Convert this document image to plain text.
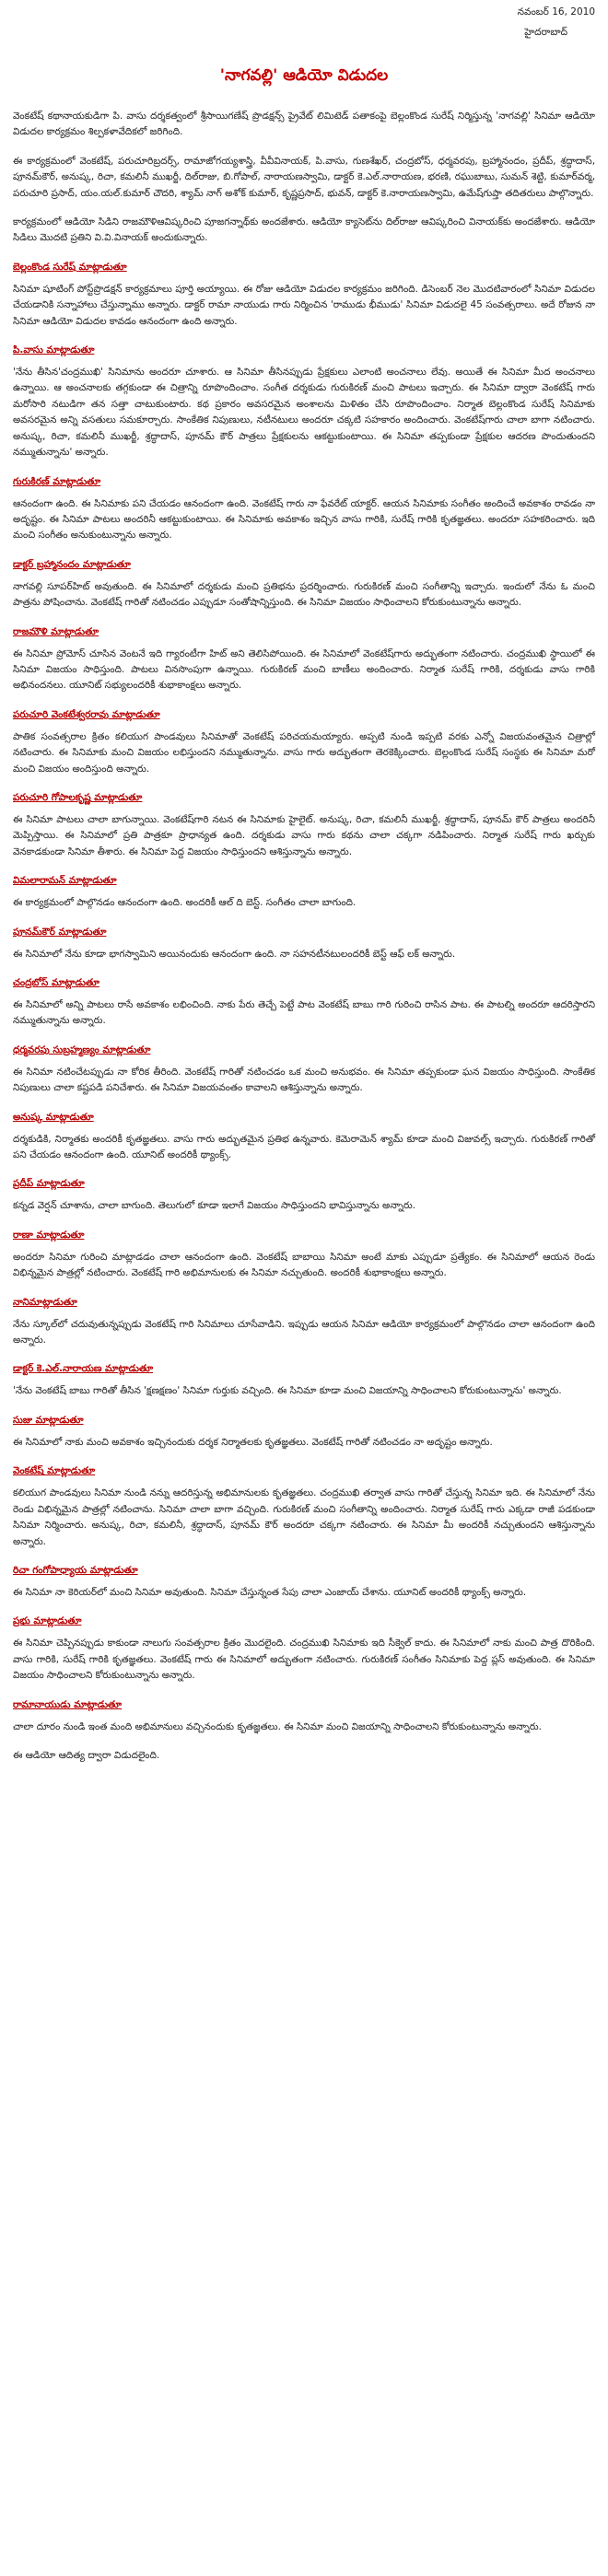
నవంబర్ 16, 2010
హైదరాబాద్
'నాగవల్లి' ఆడియో విడుదల

వెంకటేష్ కథానాయకుడిగా పి. వాసు దర్శకత్వంలో శ్రీసాయిగణేష్ ప్రొడక్షన్స్ ప్రైవేట్ లిమిటెడ్ పతాకంపై బెల్లంకొండ సురేష్ నిర్మిస్తున్న 'నాగవల్లి' సినిమా ఆడియో విడుదల కార్యక్రమం శిల్పకళావేదికలో జరిగింది.

ఈ కార్యక్రమంలో వెంకటేష్, పరుచూరిబ్రదర్స్, రామాజోగయ్యశాస్త్రి, వీవీవినాయక్, పి.వాసు, గుణశేఖర్, చంద్రబోస్, ధర్మవరపు, బ్రహ్మానందం, ప్రదీప్, శ్రద్ధాదాస్, పూనమ్‌కౌర్, అనుష్క, రిచా, కమలినీ ముఖర్జీ, దిల్‌రాజు, బి.గోపాల్, నారాయణస్వామి, డాక్టర్ కె.ఎల్.నారాయణ, భరణి, రఘుబాబు, సుమన్ శెట్టి, కుమార్‌వర్మ, పరుచూరి ప్రసాద్, యం.యల్.కుమార్ చౌదరి, శ్యామ్ నాగ్ అశోక్ కుమార్, కృష్ణప్రసాద్, భువన్, డాక్టర్ కె.నారాయణస్వామి, ఉమేష్‌గుప్తా తదితరులు పాల్గొన్నారు.

కార్యక్రమంలో ఆడియో సిడిని రాజమౌళిఆవిష్కరించి పూజగన్నాథ్‌కు అందజేశారు. ఆడియో క్యాసెట్‌ను దిల్‌రాజు ఆవిష్కరించి వినాయక్‌కు అందజేశారు. ఆడియో సిడిలు మొదటి ప్రతిని వి.వి.వినాయక్ అందుకున్నారు.

బెల్లంకొండ సురేష్ మాట్లాడుతూ

సినిమా షూటింగ్ పోస్ట్‌ప్రొడక్షన్ కార్యక్రమాలు పూర్తి అయ్యాయి. ఈ రోజు ఆడియో విడుదల కార్యక్రమం జరిగింది. డిసెంబర్ నెల మొదటివారంలో సినిమా విడుదల చేయడానికి సన్నాహాలు చేస్తున్నాము అన్నారు. డాక్టర్ రామా నాయుడు గారు నిర్మించిన 'రాముడు భీముడు' సినిమా విడుదలై 45 సంవత్సరాలు. అదే రోజున నా సినిమా ఆడియో విడుదల కావడం ఆనందంగా ఉంది అన్నారు.

పి.వాసు మాట్లాడుతూ

'నేను తీసిన'చంద్రముఖి' సినిమాను అందరూ చూశారు. ఆ సినిమా తీసినప్పుడు ప్రేక్షకులు ఎలాంటి అంచనాలు లేవు. అయితే ఈ సినిమా మీద అంచనాలు ఉన్నాయి. ఆ అంచనాలకు తగ్గకుండా ఈ చిత్రాన్ని రూపొందించాం. సంగీత దర్శకుడు గురుకిరణ్ మంచి పాటలు ఇచ్చారు. ఈ సినిమా ద్వారా వెంకటేష్ గారు మరోసారి నటుడిగా తన సత్తా చాటుకుంటారు. కథ ప్రకారం అవసరమైన అంశాలను మిళితం చేసి రూపొందించాం. నిర్మాత బెల్లంకొండ సురేష్ సినిమాకు అవసరమైన అన్ని వసతులు సమకూర్చారు. సాంకేతిక నిపుణులు, నటీనటులు అందరూ చక్కటి సహకారం అందించారు. వెంకటేష్‌గారు చాలా బాగా నటించారు. అనుష్క, రిచా, కమలినీ ముఖర్జీ, శ్రద్ధాదాస్, పూనమ్ కౌర్ పాత్రలు ప్రేక్షకులను ఆకట్టుకుంటాయి. ఈ సినిమా తప్పకుండా ప్రేక్షకుల ఆదరణ పొందుతుందని నమ్ముతున్నాను' అన్నారు.

గురుకిరణ్ మాట్లాడుతూ

ఆనందంగా ఉంది. ఈ సినిమాకు పని చేయడం ఆనందంగా ఉంది. వెంకటేష్ గారు నా ఫేవరేట్ యాక్టర్. ఆయన సినిమాకు సంగీతం అందించే అవకాశం రావడం నా అదృష్టం. ఈ సినిమా పాటలు అందరినీ ఆకట్టుకుంటాయి. ఈ సినిమాకు అవకాశం ఇచ్చిన వాసు గారికి, సురేష్ గారికి కృతజ్ఞతలు. అందరూ సహకరించారు. ఇది మంచి సంగీతం అనుకుంటున్నాను అన్నారు.

డాక్టర్ బ్రహ్మానందం మాట్లాడుతూ

నాగవల్లి సూపర్‌హిట్ అవుతుంది. ఈ సినిమాలో దర్శకుడు మంచి ప్రతిభను ప్రదర్శించారు. గురుకిరణ్ మంచి సంగీతాన్ని ఇచ్చారు. ఇందులో నేను ఓ మంచి పాత్రను పోషించాను. వెంకటేష్ గారితో నటించడం ఎప్పుడూ సంతోషాన్నిస్తుంది. ఈ సినిమా విజయం సాధించాలని కోరుకుంటున్నాను అన్నారు.

రాజమౌళి మాట్లాడుతూ

ఈ సినిమా ప్రోమోస్ చూసిన వెంటనే ఇది గ్యారంటీగా హిట్ అని తెలిసిపోయింది. ఈ సినిమాలో వెంకటేష్‌గారు అద్భుతంగా నటించారు. చంద్రముఖి స్థాయిలో ఈ సినిమా విజయం సాధిస్తుంది. పాటలు వినసొంపుగా ఉన్నాయి. గురుకిరణ్ మంచి బాణీలు అందించారు. నిర్మాత సురేష్ గారికి, దర్శకుడు వాసు గారికి అభినందనలు. యూనిట్ సభ్యులందరికీ శుభాకాంక్షలు అన్నారు.

పరుచూరి వెంకటేశ్వరరావు మాట్లాడుతూ

పాతిక సంవత్సరాల క్రితం కలియుగ పాండవులు సినిమాతో వెంకటేష్ పరిచయమయ్యారు. అప్పటి నుండి ఇప్పటి వరకు ఎన్నో విజయవంతమైన చిత్రాల్లో నటించారు. ఈ సినిమాకు మంచి విజయం లభిస్తుందని నమ్ముతున్నాను. వాసు గారు అద్భుతంగా తెరకెక్కించారు. బెల్లంకొండ సురేష్ సంస్థకు ఈ సినిమా మరో మంచి విజయం అందిస్తుంది అన్నారు.

పరుచూరి గోపాలకృష్ణ మాట్లాడుతూ

ఈ సినిమా పాటలు చాలా బాగున్నాయి. వెంకటేష్‌గారి నటన ఈ సినిమాకు హైలైట్. అనుష్క, రిచా, కమలినీ ముఖర్జీ, శ్రద్ధాదాస్, పూనమ్ కౌర్ పాత్రలు అందరినీ మెప్పిస్తాయి. ఈ సినిమాలో ప్రతి పాత్రకూ ప్రాధాన్యత ఉంది. దర్శకుడు వాసు గారు కథను చాలా చక్కగా నడిపించారు. నిర్మాత సురేష్ గారు ఖర్చుకు వెనకాడకుండా సినిమా తీశారు. ఈ సినిమా పెద్ద విజయం సాధిస్తుందని ఆశిస్తున్నాను అన్నారు.

విమలారామన్ మాట్లాడుతూ

ఈ కార్యక్రమంలో పాల్గొనడం ఆనందంగా ఉంది. అందరికీ ఆల్ ది బెస్ట్. సంగీతం చాలా బాగుంది.

పూనమ్‌కౌర్ మాట్లాడుతూ

ఈ సినిమాలో నేను కూడా భాగస్వామిని అయినందుకు ఆనందంగా ఉంది. నా సహనటీనటులందరికీ బెస్ట్ ఆఫ్ లక్ అన్నారు.

చంద్రబోస్ మాట్లాడుతూ

ఈ సినిమాలో అన్ని పాటలు రాసే అవకాశం లభించింది. నాకు పేరు తెచ్చే పెట్టే పాట వెంకటేష్ బాబు గారి గురించి రాసిన పాట. ఈ పాటల్ని అందరూ ఆదరిస్తారని నమ్ముతున్నాను అన్నారు.

ధర్మవరపు సుబ్రహ్మణ్యం మాట్లాడుతూ

ఈ సినిమా నటించేటప్పుడు నా కోరిక తీరింది. వెంకటేష్ గారితో నటించడం ఒక మంచి అనుభవం. ఈ సినిమా తప్పకుండా ఘన విజయం సాధిస్తుంది. సాంకేతిక నిపుణులు చాలా కష్టపడి పనిచేశారు. ఈ సినిమా విజయవంతం కావాలని ఆశిస్తున్నాను అన్నారు.

అనుష్క మాట్లాడుతూ

దర్శకుడికి, నిర్మాతకు అందరికీ కృతజ్ఞతలు. వాసు గారు అద్భుతమైన ప్రతిభ ఉన్నవారు. కెమెరామెన్ శ్యామ్‌ కూడా మంచి విజువల్స్ ఇచ్చారు. గురుకిరణ్ గారితో పని చేయడం ఆనందంగా ఉంది. యూనిట్ అందరికీ థ్యాంక్స్.

ప్రదీప్ మాట్లాడుతూ

కన్నడ వెర్షన్ చూశాను, చాలా బాగుంది. తెలుగులో కూడా ఇలాగే విజయం సాధిస్తుందని భావిస్తున్నాను అన్నారు.

రాణా మాట్లాడుతూ

అందరూ సినిమా గురించి మాట్లాడడం చాలా ఆనందంగా ఉంది. వెంకటేష్ బాబాయి సినిమా అంటే మాకు ఎప్పుడూ ప్రత్యేకం. ఈ సినిమాలో ఆయన రెండు విభిన్నమైన పాత్రల్లో నటించారు. వెంకటేష్ గారి అభిమానులకు ఈ సినిమా నచ్చుతుంది. అందరికీ శుభాకాంక్షలు అన్నారు.

నానిమాట్లాడుతూ

నేను స్కూల్‌లో చదువుతున్నప్పుడు వెంకటేష్ గారి సినిమాలు చూసేవాడిని. ఇప్పుడు ఆయన సినిమా ఆడియో కార్యక్రమంలో పాల్గొనడం చాలా ఆనందంగా ఉంది అన్నారు.

డాక్టర్ కె.ఎల్.నారాయణ మాట్లాడుతూ

'నేను వెంకటేష్‌ బాబు గారితో తీసిన 'క్షణక్షణం' సినిమా గుర్తుకు వచ్చింది. ఈ సినిమా కూడా మంచి విజయాన్ని సాధించాలని కోరుకుంటున్నాను' అన్నారు.

సుజు మాట్లాడుతూ

ఈ సినిమాలో నాకు మంచి అవకాశం ఇచ్చినందుకు దర్శక నిర్మాతలకు కృతజ్ఞతలు. వెంకటేష్ గారితో నటించడం నా అదృష్టం అన్నారు.

వెంకటేష్ మాట్లాడుతూ

కలియుగ పాండవులు సినిమా నుండి నన్ను ఆదరిస్తున్న అభిమానులకు కృతజ్ఞతలు. చంద్రముఖి తర్వాత వాసు గారితో చేస్తున్న సినిమా ఇది. ఈ సినిమాలో నేను రెండు విభిన్నమైన పాత్రల్లో నటించాను. సినిమా చాలా బాగా వచ్చింది. గురుకిరణ్ మంచి సంగీతాన్ని అందించారు. నిర్మాత సురేష్ గారు ఎక్కడా రాజీ పడకుండా సినిమా నిర్మించారు. అనుష్క, రిచా, కమలినీ, శ్రద్ధాదాస్, పూనమ్ కౌర్ అందరూ చక్కగా నటించారు. ఈ సినిమా మీ అందరికీ నచ్చుతుందని ఆశిస్తున్నాను అన్నారు.

రిచా గంగోపాధ్యాయ మాట్లాడుతూ

ఈ సినిమా నా కెరియర్‌లో మంచి సినిమా అవుతుంది. సినిమా చేస్తున్నంత సేపు చాలా ఎంజాయ్ చేశాను. యూనిట్ అందరికీ థ్యాంక్స్ అన్నారు.

ప్రభు మాట్లాడుతూ

ఈ సినిమా చెప్పినప్పుడు కాకుండా నాలుగు సంవత్సరాల క్రితం మొదలైంది. చంద్రముఖి సినిమాకు ఇది సీక్వెల్ కాదు. ఈ సినిమాలో నాకు మంచి పాత్ర దొరికింది. వాసు గారికి, సురేష్ గారికి కృతజ్ఞతలు. వెంకటేష్ గారు ఈ సినిమాలో అద్భుతంగా నటించారు. గురుకిరణ్ సంగీతం సినిమాకు పెద్ద ప్లస్ అవుతుంది. ఈ సినిమా విజయం సాధించాలని కోరుకుంటున్నాను అన్నారు.

రామానాయుడు మాట్లాడుతూ

చాలా దూరం నుండి ఇంత మంది అభిమానులు వచ్చినందుకు కృతజ్ఞతలు. ఈ సినిమా మంచి విజయాన్ని సాధించాలని కోరుకుంటున్నాను అన్నారు.

ఈ ఆడియో ఆదిత్య ద్వారా విడుదలైంది.
